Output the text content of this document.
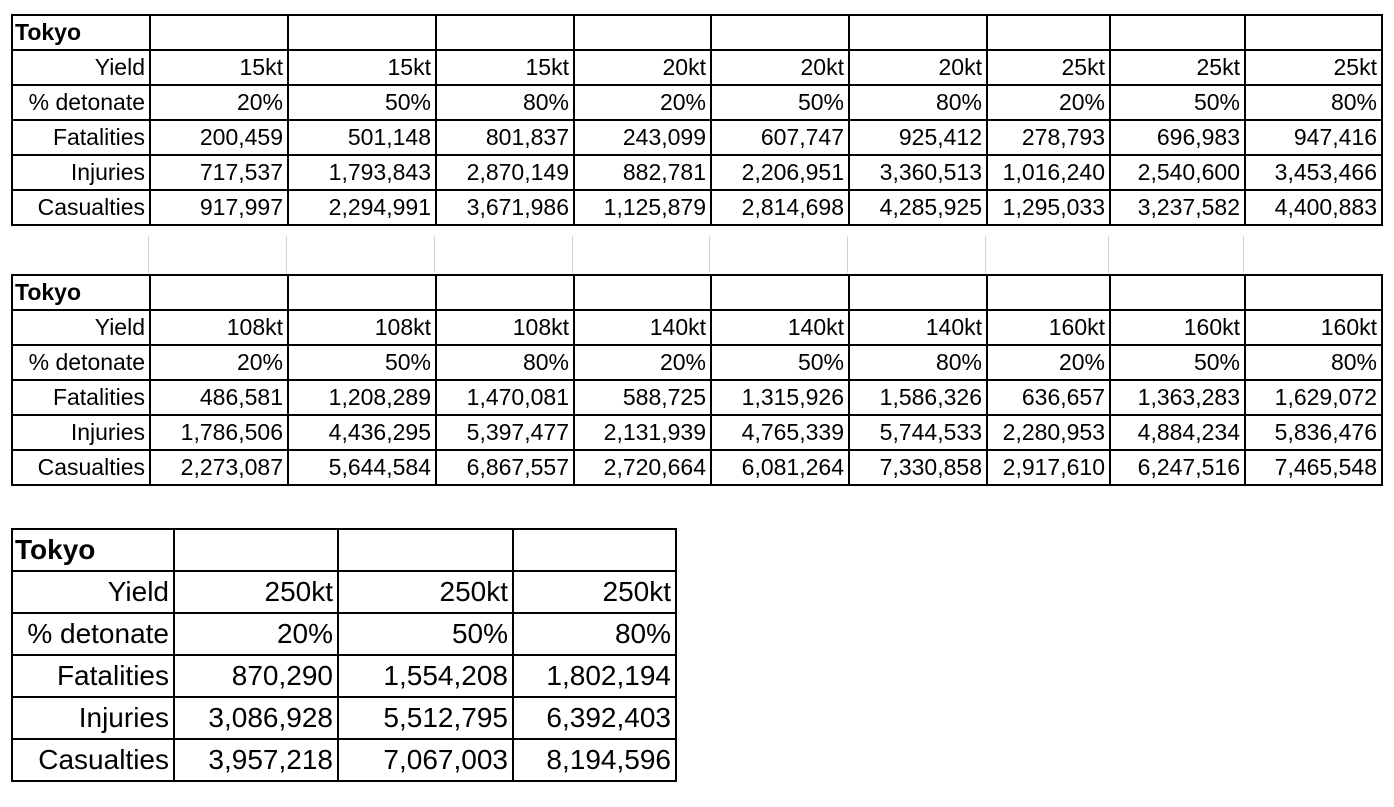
Tokyo									
Yield	15kt	15kt	15kt	20kt	20kt	20kt	25kt	25kt	25kt
% detonate	20%	50%	80%	20%	50%	80%	20%	50%	80%
Fatalities	200,459	501,148	801,837	243,099	607,747	925,412	278,793	696,983	947,416
Injuries	717,537	1,793,843	2,870,149	882,781	2,206,951	3,360,513	1,016,240	2,540,600	3,453,466
Casualties	917,997	2,294,991	3,671,986	1,125,879	2,814,698	4,285,925	1,295,033	3,237,582	4,400,883
Tokyo									
Yield	108kt	108kt	108kt	140kt	140kt	140kt	160kt	160kt	160kt
% detonate	20%	50%	80%	20%	50%	80%	20%	50%	80%
Fatalities	486,581	1,208,289	1,470,081	588,725	1,315,926	1,586,326	636,657	1,363,283	1,629,072
Injuries	1,786,506	4,436,295	5,397,477	2,131,939	4,765,339	5,744,533	2,280,953	4,884,234	5,836,476
Casualties	2,273,087	5,644,584	6,867,557	2,720,664	6,081,264	7,330,858	2,917,610	6,247,516	7,465,548
Tokyo			
Yield	250kt	250kt	250kt
% detonate	20%	50%	80%
Fatalities	870,290	1,554,208	1,802,194
Injuries	3,086,928	5,512,795	6,392,403
Casualties	3,957,218	7,067,003	8,194,596
